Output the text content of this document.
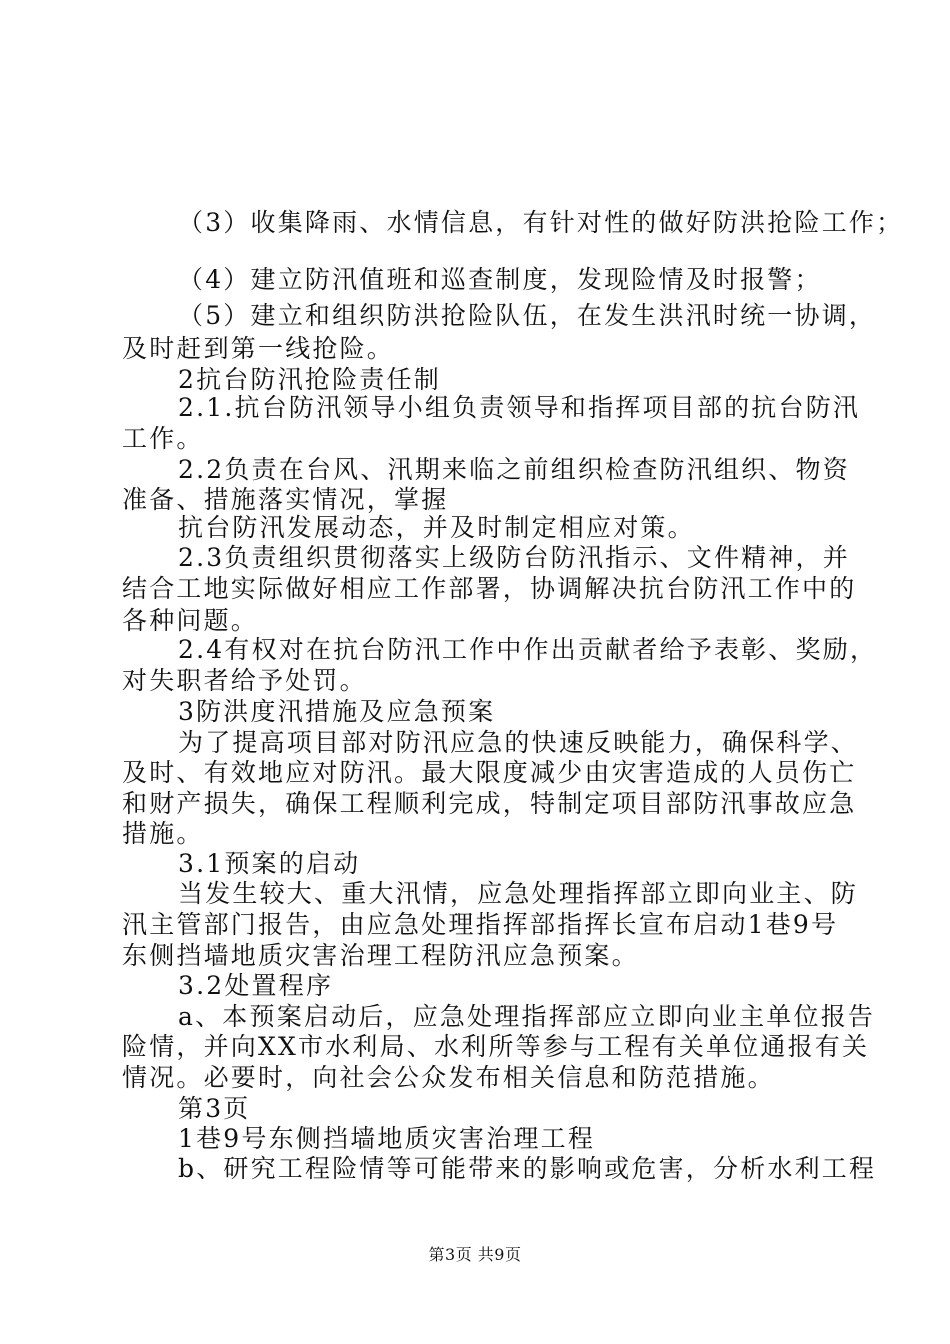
（3）收集降雨、水情信息，有针对性的做好防洪抢险工作；
（4）建立防汛值班和巡查制度，发现险情及时报警；
（5）建立和组织防洪抢险队伍，在发生洪汛时统一协调，
及时赶到第一线抢险。
2抗台防汛抢险责任制
2.1.抗台防汛领导小组负责领导和指挥项目部的抗台防汛
工作。
2.2负责在台风、汛期来临之前组织检查防汛组织、物资
准备、措施落实情况，掌握
抗台防汛发展动态，并及时制定相应对策。
2.3负责组织贯彻落实上级防台防汛指示、文件精神，并
结合工地实际做好相应工作部署，协调解决抗台防汛工作中的
各种问题。
2.4有权对在抗台防汛工作中作出贡献者给予表彰、奖励，
对失职者给予处罚。
3防洪度汛措施及应急预案
为了提高项目部对防汛应急的快速反映能力，确保科学、
及时、有效地应对防汛。最大限度减少由灾害造成的人员伤亡
和财产损失，确保工程顺利完成，特制定项目部防汛事故应急
措施。
3.1预案的启动
当发生较大、重大汛情，应急处理指挥部立即向业主、防
汛主管部门报告，由应急处理指挥部指挥长宣布启动1巷9号
东侧挡墙地质灾害治理工程防汛应急预案。
3.2处置程序
a、本预案启动后，应急处理指挥部应立即向业主单位报告
险情，并向XX市水利局、水利所等参与工程有关单位通报有关
情况。必要时，向社会公众发布相关信息和防范措施。
第3页
1巷9号东侧挡墙地质灾害治理工程
b、研究工程险情等可能带来的影响或危害，分析水利工程
第3页 共9页
